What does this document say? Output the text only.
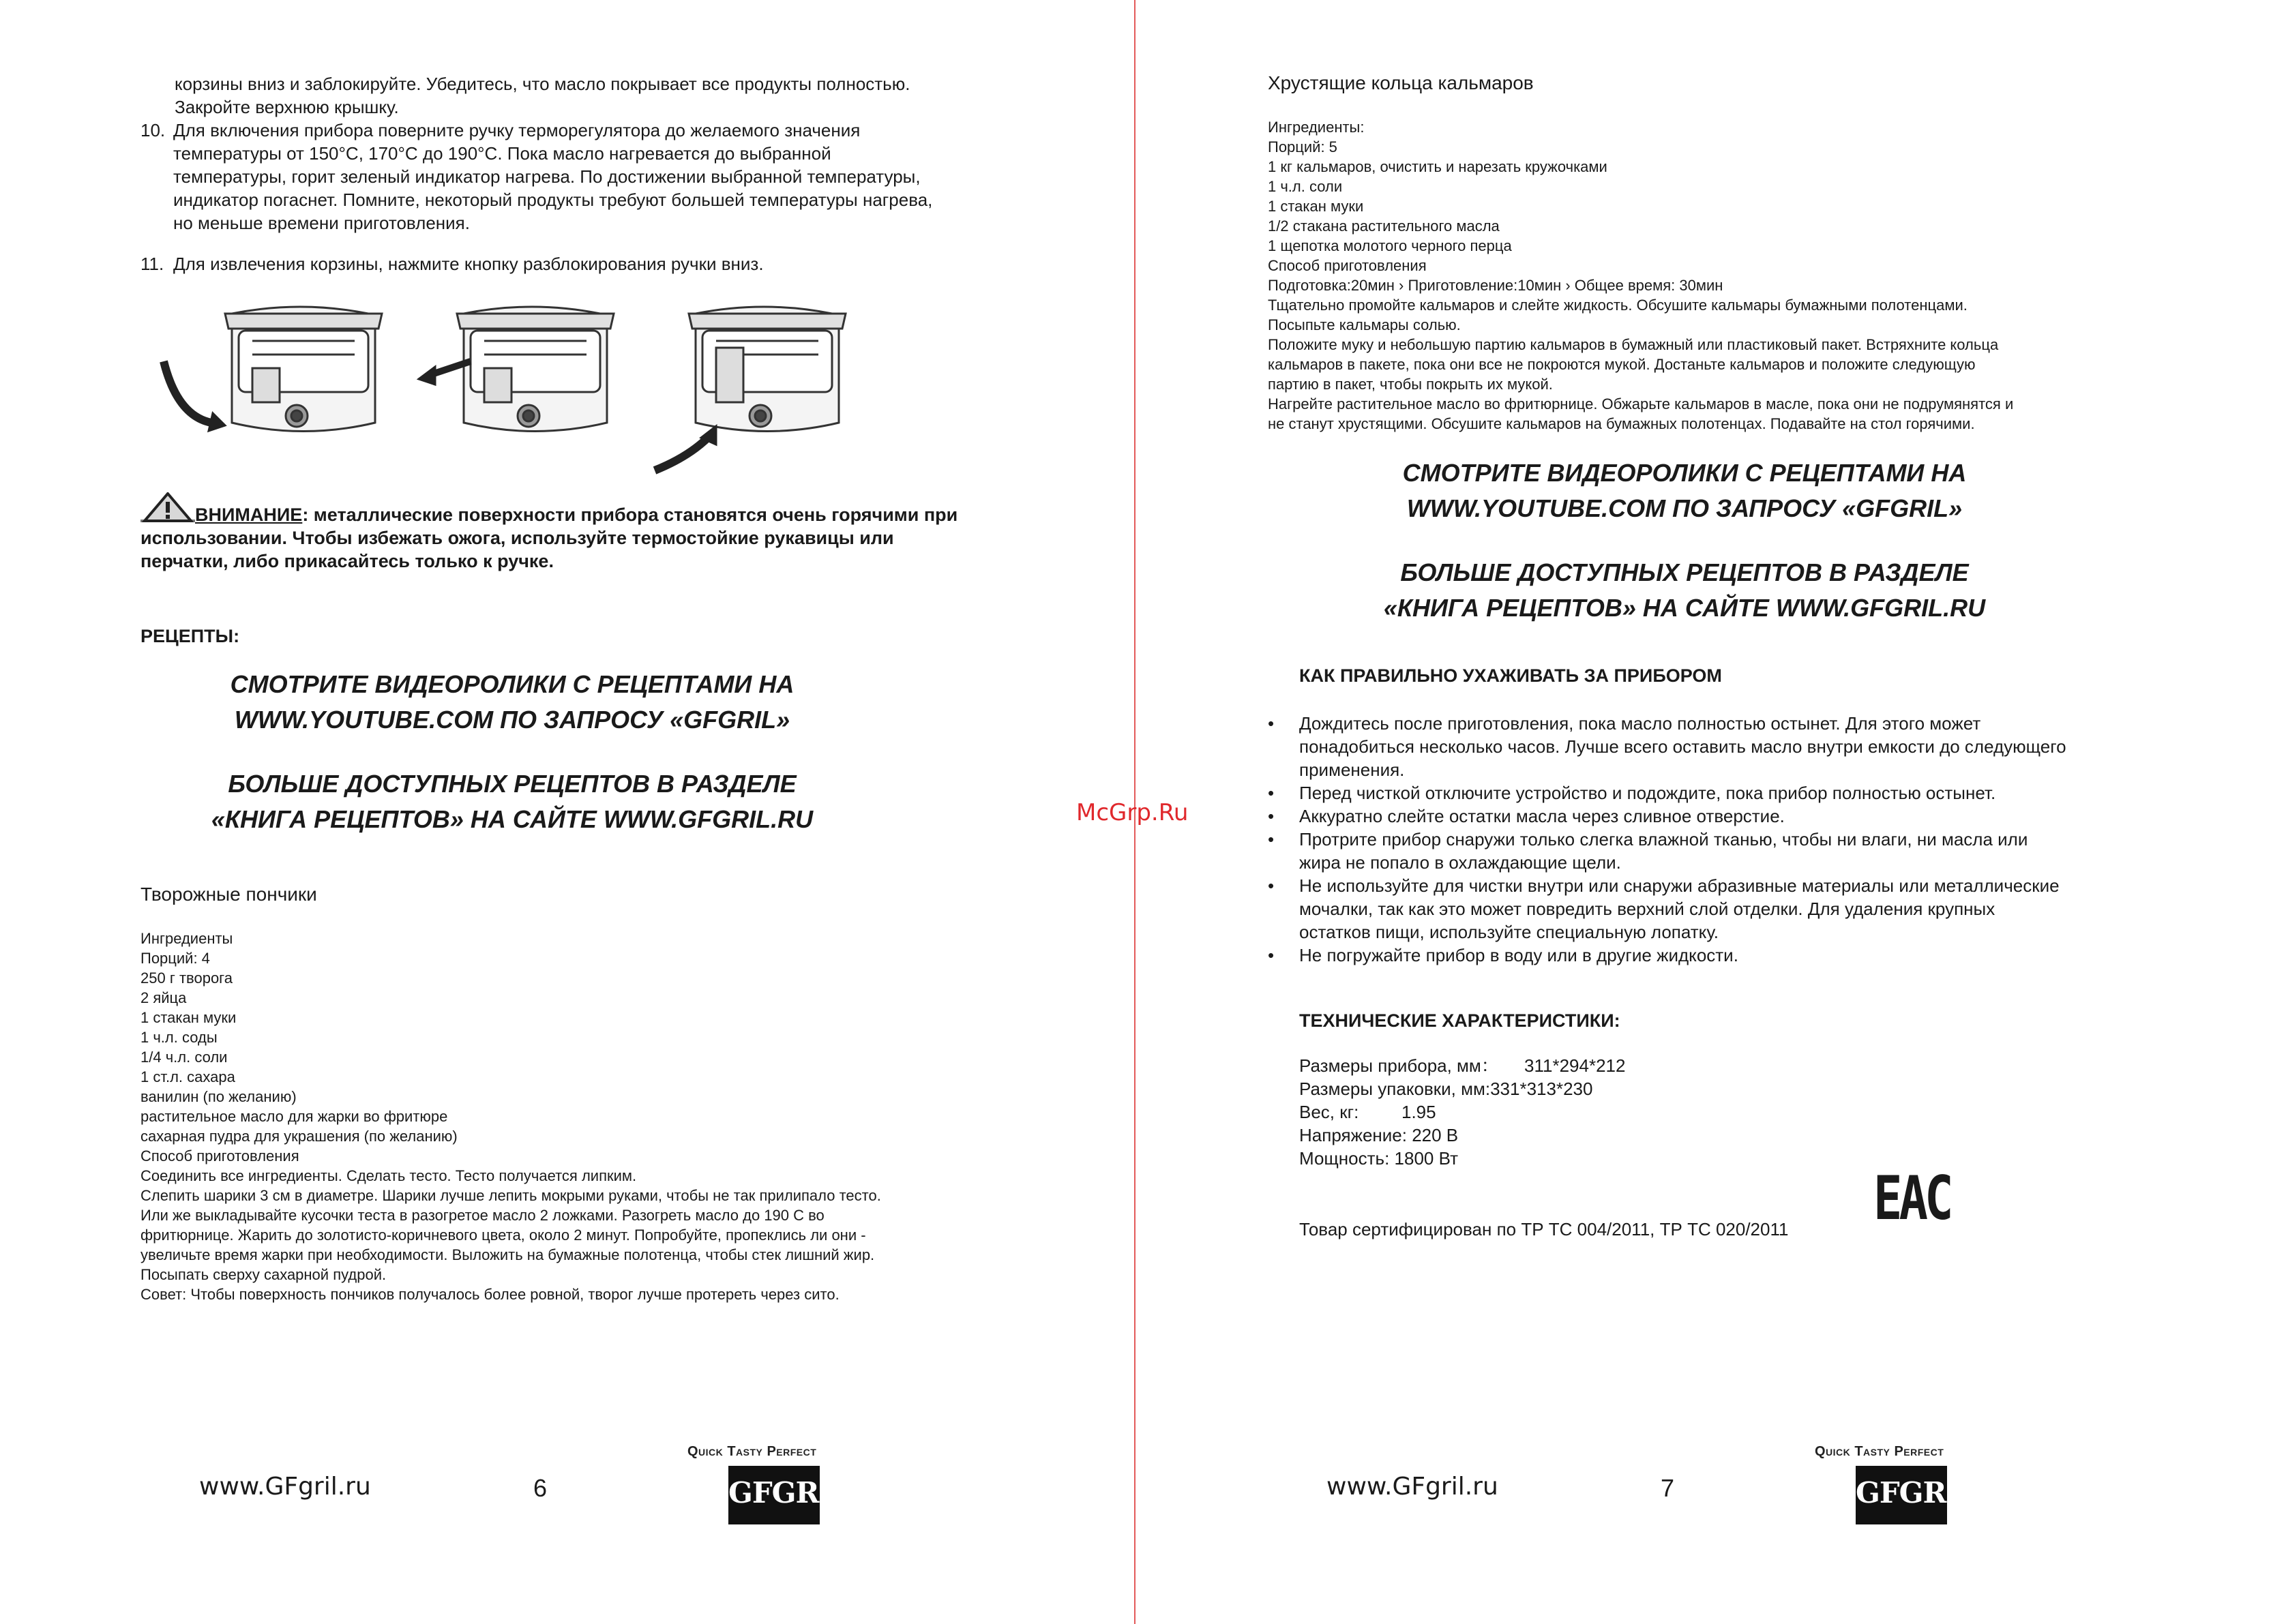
корзины вниз и заблокируйте. Убедитесь, что масло покрывает все продукты полностью.

Закройте верхнюю крышку.

10. Для включения прибора поверните ручку терморегулятора до желаемого значения

температуры от 150°С, 170°С до 190°С. Пока масло нагревается до выбранной

температуры, горит зеленый индикатор нагрева. По достижении выбранной температуры,

индикатор погаснет. Помните, некоторый продукты требуют большей температуры нагрева,

но меньше времени приготовления.

11. Для извлечения корзины, нажмите кнопку разблокирования ручки вниз.

ВНИМАНИЕ: металлические поверхности прибора становятся очень горячими при

использовании. Чтобы избежать ожога, используйте термостойкие рукавицы или

перчатки, либо прикасайтесь только к ручке.

РЕЦЕПТЫ:

СМОТРИТЕ ВИДЕОРОЛИКИ С РЕЦЕПТАМИ НА

WWW.YOUTUBE.COM ПО ЗАПРОСУ «GFGRIL»

БОЛЬШЕ ДОСТУПНЫХ РЕЦЕПТОВ В РАЗДЕЛЕ

«КНИГА РЕЦЕПТОВ» НА САЙТЕ WWW.GFGRIL.RU

Творожные пончики

Ингредиенты

Порций: 4

250 г творога

2 яйца

1 стакан муки

1 ч.л. соды

1/4 ч.л. соли

1 ст.л. сахара

ванилин (по желанию)

растительное масло для жарки во фритюре

сахарная пудра для украшения (по желанию)

Способ приготовления

Соединить все ингредиенты. Сделать тесто. Тесто получается липким.

Слепить шарики 3 см в диаметре. Шарики лучше лепить мокрыми руками, чтобы не так прилипало тесто.

Или же выкладывайте кусочки теста в разогретое масло 2 ложками. Разогреть масло до 190 С во

фритюрнице. Жарить до золотисто-коричневого цвета, около 2 минут. Попробуйте, пропеклись ли они -

увеличьте время жарки при необходимости. Выложить на бумажные полотенца, чтобы стек лишний жир.

Посыпать сверху сахарной пудрой.

Совет: Чтобы поверхность пончиков получалось более ровной, творог лучше протереть через сито.

www.GFgril.ru	6
Quick Tasty Perfect
GFGRIL
McGrp.Ru
Хрустящие кольца кальмаров

Ингредиенты:

Порций: 5

1 кг кальмаров, очистить и нарезать кружочками

1 ч.л. соли

1 стакан муки

1/2 стакана растительного масла

1 щепотка молотого черного перца

Способ приготовления

Подготовка:20мин › Приготовление:10мин › Общее время: 30мин

Тщательно промойте кальмаров и слейте жидкость. Обсушите кальмары бумажными полотенцами.

Посыпьте кальмары солью.

Положите муку и небольшую партию кальмаров в бумажный или пластиковый пакет. Встряхните кольца

кальмаров в пакете, пока они все не покроются мукой. Достаньте кальмаров и положите следующую

партию в пакет, чтобы покрыть их мукой.

Нагрейте растительное масло во фритюрнице. Обжарьте кальмаров в масле, пока они не подрумянятся и

не станут хрустящими. Обсушите кальмаров на бумажных полотенцах. Подавайте на стол горячими.

СМОТРИТЕ ВИДЕОРОЛИКИ С РЕЦЕПТАМИ НА

WWW.YOUTUBE.COM ПО ЗАПРОСУ «GFGRIL»

БОЛЬШЕ ДОСТУПНЫХ РЕЦЕПТОВ В РАЗДЕЛЕ

«КНИГА РЕЦЕПТОВ» НА САЙТЕ WWW.GFGRIL.RU

КАК ПРАВИЛЬНО УХАЖИВАТЬ ЗА ПРИБОРОМ

• Дождитесь после приготовления, пока масло полностью остынет. Для этого может

понадобиться несколько часов. Лучше всего оставить масло внутри емкости до следующего

применения.

• Перед чисткой отключите устройство и подождите, пока прибор полностью остынет.

• Аккуратно слейте остатки масла через сливное отверстие.

• Протрите прибор снаружи только слегка влажной тканью, чтобы ни влаги, ни масла или

жира не попало в охлаждающие щели.

• Не используйте для чистки внутри или снаружи абразивные материалы или металлические

мочалки, так как это может повредить верхний слой отделки. Для удаления крупных

остатков пищи, используйте специальную лопатку.

• Не погружайте прибор в воду или в другие жидкости.

ТЕХНИЧЕСКИЕ ХАРАКТЕРИСТИКИ:

Размеры прибора, мм： 311*294*212

Размеры упаковки, мм:331*313*230

Вес, кг: 1.95

Напряжение: 220 В

Мощность: 1800 Вт

Товар сертифицирован по ТР ТС 004/2011, ТР ТС 020/2011 EAC
www.GFgril.ru	7
Quick Tasty Perfect
GFGRIL
